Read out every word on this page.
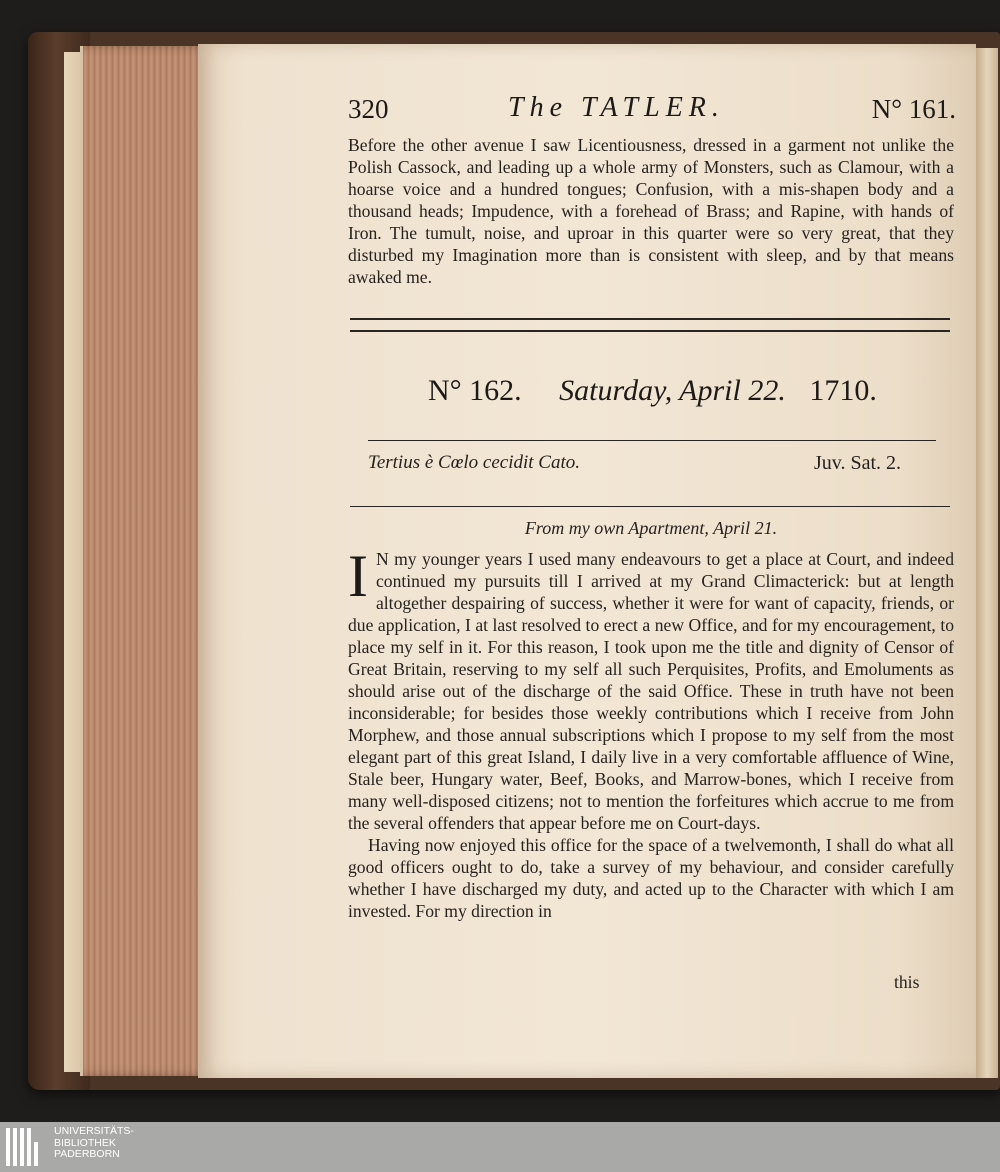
320	The TATLER.	N° 161.

Before the other avenue I saw Licentiousness, dressed in a garment not unlike the Polish Cassock, and leading up a whole army of Monsters, such as Clamour, with a hoarse voice and a hundred tongues; Confusion, with a mis-shapen body and a thousand heads; Impudence, with a forehead of Brass; and Rapine, with hands of Iron. The tumult, noise, and uproar in this quarter were so very great, that they disturbed my Imagination more than is consistent with sleep, and by that means awaked me.

N° 162. Saturday, April 22. 1710.
Tertius è Cœlo cecidit Cato.	Juv. Sat. 2.
From my own Apartment, April 21.
I N my younger years I used many endeavours to get a place at Court, and indeed continued my pursuits till I arrived at my Grand Climacterick: but at length altogether despairing of success, whether it were for want of capacity, friends, or due application, I at last resolved to erect a new Office, and for my encouragement, to place my self in it. For this reason, I took upon me the title and dignity of Censor of Great Britain, reserving to my self all such Perquisites, Profits, and Emoluments as should arise out of the discharge of the said Office. These in truth have not been inconsiderable; for besides those weekly contributions which I receive from John Morphew, and those annual subscriptions which I propose to my self from the most elegant part of this great Island, I daily live in a very comfortable affluence of Wine, Stale beer, Hungary water, Beef, Books, and Marrow-bones, which I receive from many well-disposed citizens; not to mention the forfeitures which accrue to me from the several offenders that appear before me on Court-days.

Having now enjoyed this office for the space of a twelvemonth, I shall do what all good officers ought to do, take a survey of my behaviour, and consider carefully whether I have discharged my duty, and acted up to the Character with which I am invested. For my direction in

this
UNIVERSITÄTS-
BIBLIOTHEK
PADERBORN
